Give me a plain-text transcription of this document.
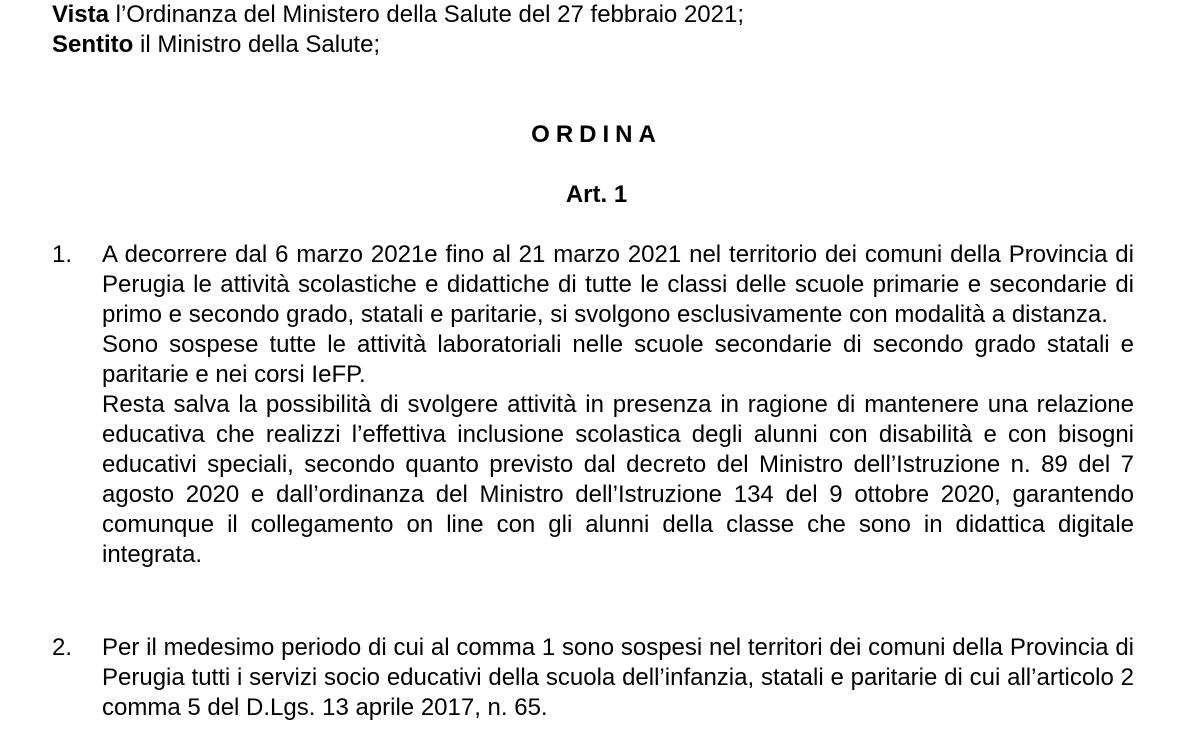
Vista l’Ordinanza del Ministero della Salute del 27 febbraio 2021;
Sentito il Ministro della Salute;
ORDINA
Art. 1
1. A decorrere dal 6 marzo 2021e fino al 21 marzo 2021 nel territorio dei comuni della Provincia di Perugia le attività scolastiche e didattiche di tutte le classi delle scuole primarie e secondarie di primo e secondo grado, statali e paritarie, si svolgono esclusivamente con modalità a distanza.

Sono sospese tutte le attività laboratoriali nelle scuole secondarie di secondo grado statali e paritarie e nei corsi IeFP.

Resta salva la possibilità di svolgere attività in presenza in ragione di mantenere una relazione educativa che realizzi l’effettiva inclusione scolastica degli alunni con disabilità e con bisogni educativi speciali, secondo quanto previsto dal decreto del Ministro dell’Istruzione n. 89 del 7 agosto 2020 e dall’ordinanza del Ministro dell’Istruzione 134 del 9 ottobre 2020, garantendo comunque il collegamento on line con gli alunni della classe che sono in didattica digitale integrata.

2. Per il medesimo periodo di cui al comma 1 sono sospesi nel territori dei comuni della Provincia di Perugia tutti i servizi socio educativi della scuola dell’infanzia, statali e paritarie di cui all’articolo 2 comma 5 del D.Lgs. 13 aprile 2017, n. 65.
